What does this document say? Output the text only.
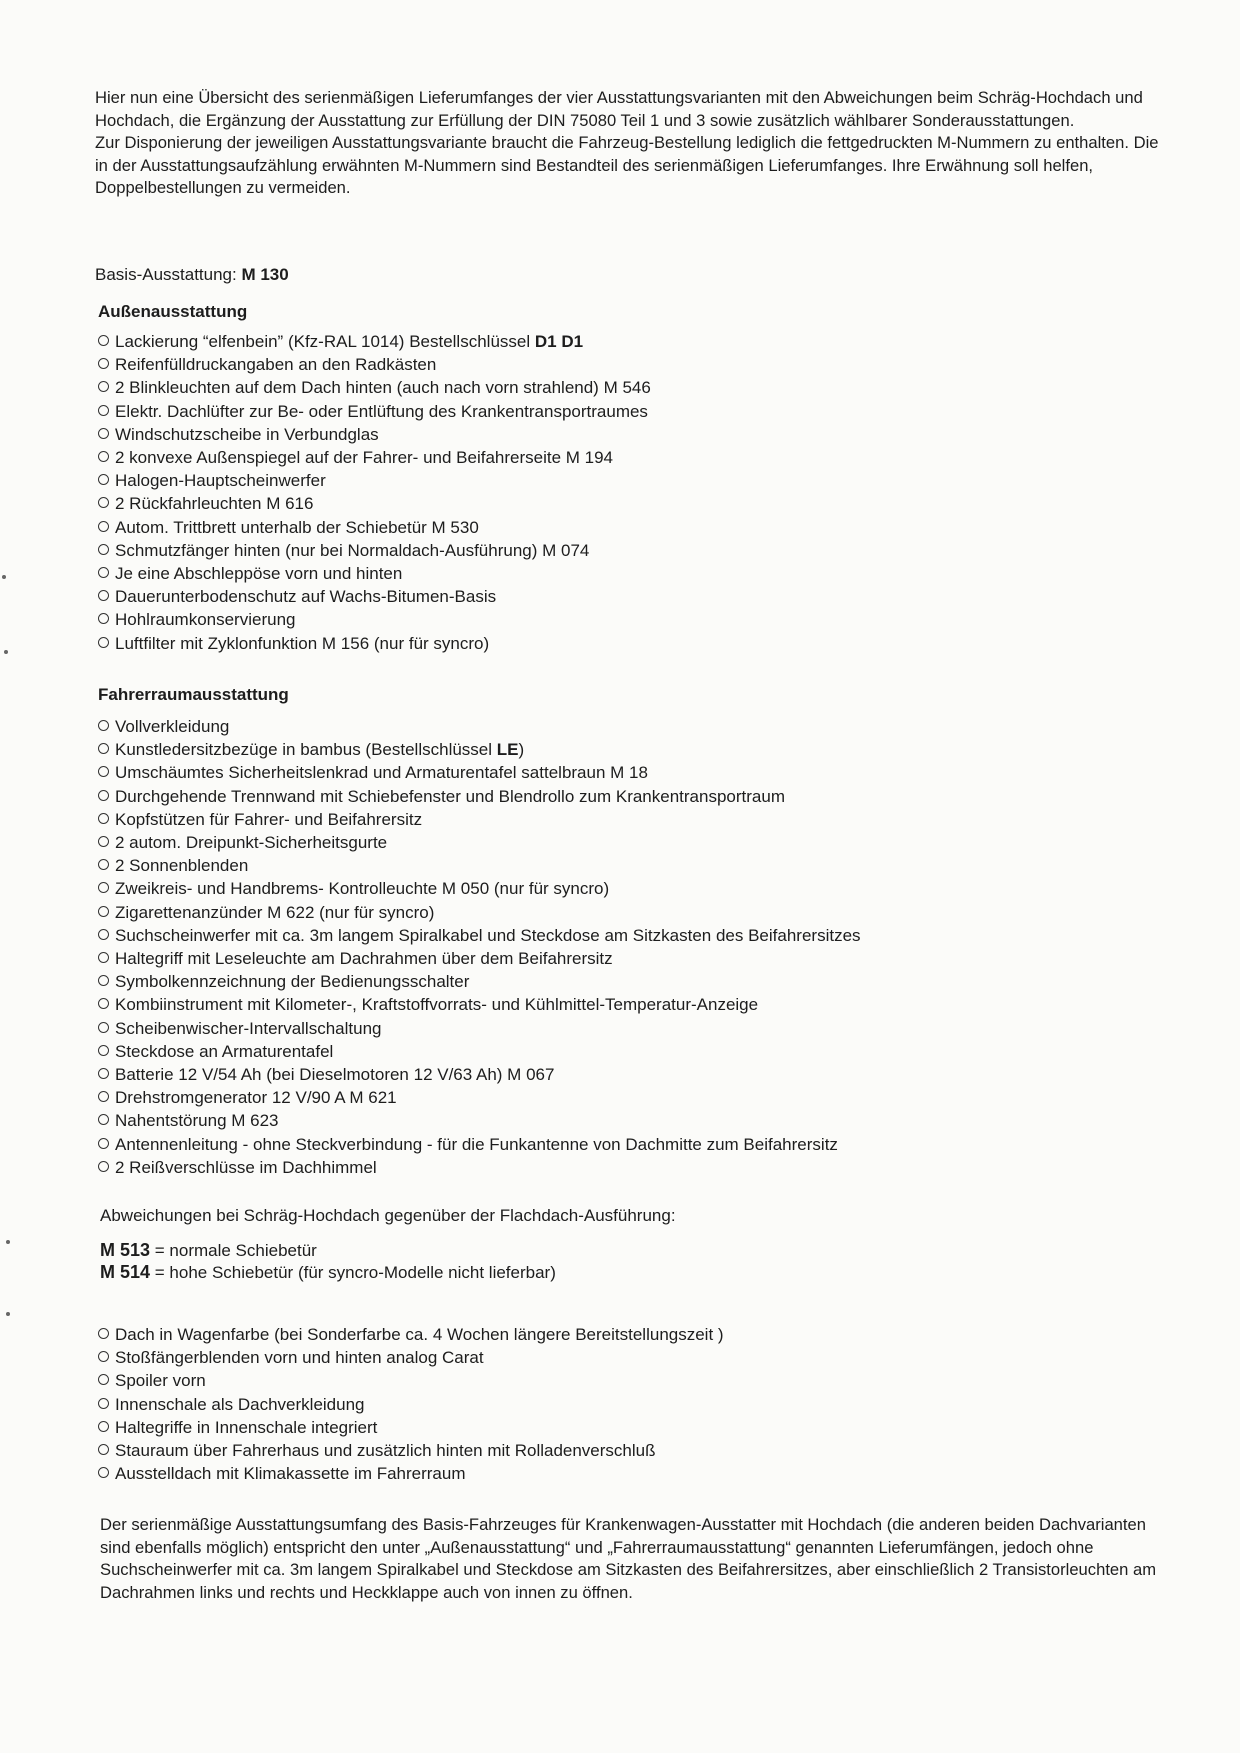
Hier nun eine Übersicht des serienmäßigen Lieferumfanges der vier Ausstattungsvarianten mit den Abweichungen beim Schräg-Hochdach und Hochdach, die Ergänzung der Ausstattung zur Erfüllung der DIN 75080 Teil 1 und 3 sowie zusätzlich wählbarer Sonderausstattungen.

Zur Disponierung der jeweiligen Ausstattungsvariante braucht die Fahrzeug-Bestellung lediglich die fettgedruckten M-Nummern zu enthalten. Die in der Ausstattungsaufzählung erwähnten M-Nummern sind Bestandteil des serienmäßigen Lieferumfanges. Ihre Erwähnung soll helfen, Doppelbestellungen zu vermeiden.

Basis-Ausstattung: M 130
Außenausstattung
Lackierung “elfenbein” (Kfz-RAL 1014) Bestellschlüssel D1 D1
Reifenfülldruckangaben an den Radkästen
2 Blinkleuchten auf dem Dach hinten (auch nach vorn strahlend) M 546
Elektr. Dachlüfter zur Be- oder Entlüftung des Krankentransportraumes
Windschutzscheibe in Verbundglas
2 konvexe Außenspiegel auf der Fahrer- und Beifahrerseite M 194
Halogen-Hauptscheinwerfer
2 Rückfahrleuchten M 616
Autom. Trittbrett unterhalb der Schiebetür M 530
Schmutzfänger hinten (nur bei Normaldach-Ausführung) M 074
Je eine Abschleppöse vorn und hinten
Dauerunterbodenschutz auf Wachs-Bitumen-Basis
Hohlraumkonservierung
Luftfilter mit Zyklonfunktion M 156 (nur für syncro)
Fahrerraumausstattung
Vollverkleidung
Kunstledersitzbezüge in bambus (Bestellschlüssel LE)
Umschäumtes Sicherheitslenkrad und Armaturentafel sattelbraun M 18
Durchgehende Trennwand mit Schiebefenster und Blendrollo zum Krankentransportraum
Kopfstützen für Fahrer- und Beifahrersitz
2 autom. Dreipunkt-Sicherheitsgurte
2 Sonnenblenden
Zweikreis- und Handbrems- Kontrolleuchte M 050 (nur für syncro)
Zigarettenanzünder M 622 (nur für syncro)
Suchscheinwerfer mit ca. 3m langem Spiralkabel und Steckdose am Sitzkasten des Beifahrersitzes
Haltegriff mit Leseleuchte am Dachrahmen über dem Beifahrersitz
Symbolkennzeichnung der Bedienungsschalter
Kombiinstrument mit Kilometer-, Kraftstoffvorrats- und Kühlmittel-Temperatur-Anzeige
Scheibenwischer-Intervallschaltung
Steckdose an Armaturentafel
Batterie 12 V/54 Ah (bei Dieselmotoren 12 V/63 Ah) M 067
Drehstromgenerator 12 V/90 A M 621
Nahentstörung M 623
Antennenleitung - ohne Steckverbindung - für die Funkantenne von Dachmitte zum Beifahrersitz
2 Reißverschlüsse im Dachhimmel
Abweichungen bei Schräg-Hochdach gegenüber der Flachdach-Ausführung:
M 513 = normale Schiebetür
M 514 = hohe Schiebetür (für syncro-Modelle nicht lieferbar)
Dach in Wagenfarbe (bei Sonderfarbe ca. 4 Wochen längere Bereitstellungszeit )
Stoßfängerblenden vorn und hinten analog Carat
Spoiler vorn
Innenschale als Dachverkleidung
Haltegriffe in Innenschale integriert
Stauraum über Fahrerhaus und zusätzlich hinten mit Rolladenverschluß
Ausstelldach mit Klimakassette im Fahrerraum

Der serienmäßige Ausstattungsumfang des Basis-Fahrzeuges für Krankenwagen-Ausstatter mit Hochdach (die anderen beiden Dachvarianten sind ebenfalls möglich) entspricht den unter „Außenausstattung“ und „Fahrerraumausstattung“ genannten Lieferumfängen, jedoch ohne Suchscheinwerfer mit ca. 3m langem Spiralkabel und Steckdose am Sitzkasten des Beifahrersitzes, aber einschließlich 2 Transistorleuchten am Dachrahmen links und rechts und Heckklappe auch von innen zu öffnen.
